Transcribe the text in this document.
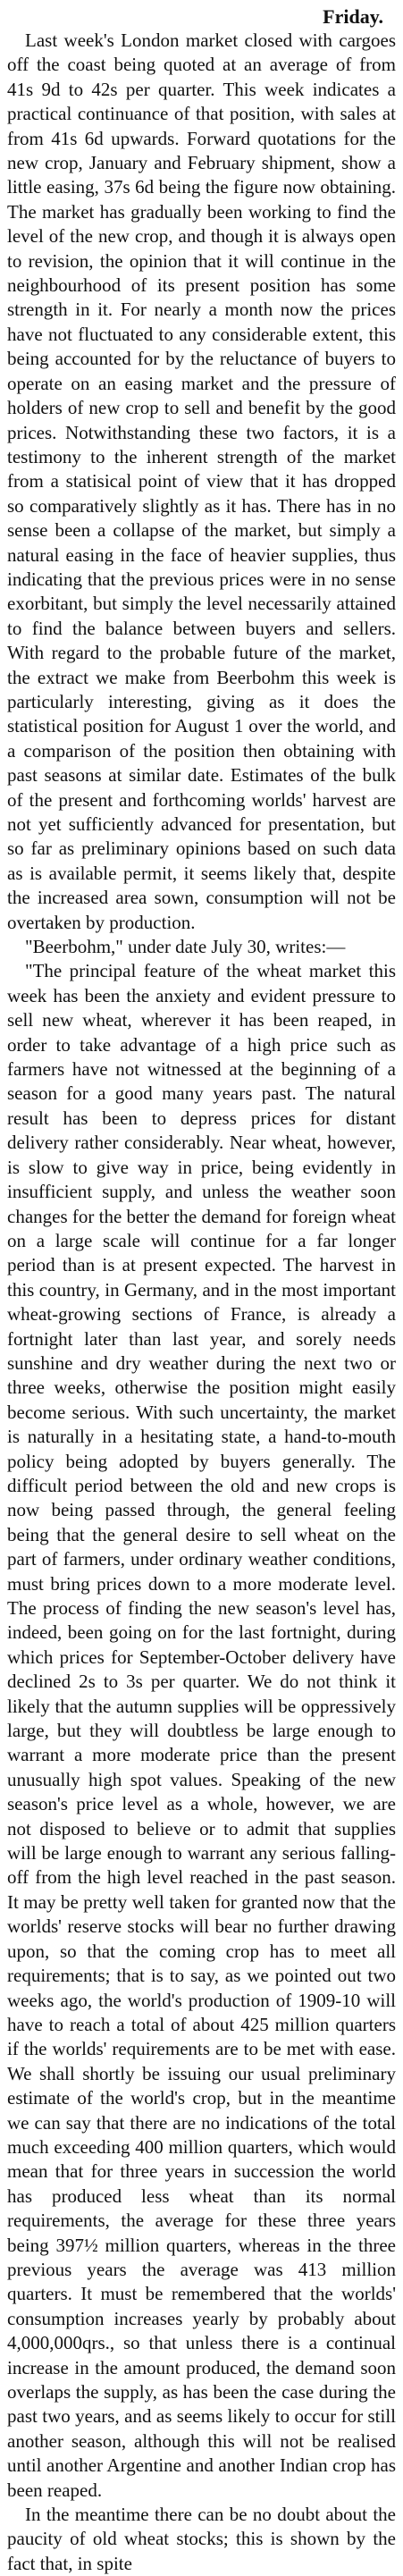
Friday.

Last week's London market closed with cargoes off the coast being quoted at an average of from 41s 9d to 42s per quarter. This week indicates a practical continuance of that position, with sales at from 41s 6d upwards. Forward quotations for the new crop, January and February shipment, show a little easing, 37s 6d being the figure now obtaining. The market has gradually been working to find the level of the new crop, and though it is always open to revision, the opinion that it will continue in the neighbourhood of its present position has some strength in it. For nearly a month now the prices have not fluctuated to any considerable extent, this being accounted for by the reluctance of buyers to operate on an easing market and the pressure of holders of new crop to sell and benefit by the good prices. Notwithstanding these two factors, it is a testimony to the inherent strength of the market from a statisical point of view that it has dropped so comparatively slightly as it has. There has in no sense been a collapse of the market, but simply a natural easing in the face of heavier supplies, thus indicating that the previous prices were in no sense exorbitant, but simply the level necessarily attained to find the balance between buyers and sellers. With regard to the probable future of the market, the extract we make from Beerbohm this week is particularly interesting, giving as it does the statistical position for August 1 over the world, and a comparison of the position then obtaining with past seasons at similar date. Estimates of the bulk of the present and forthcoming worlds' harvest are not yet sufficiently advanced for presentation, but so far as preliminary opinions based on such data as is available permit, it seems likely that, despite the increased area sown, consumption will not be overtaken by production.

"Beerbohm," under date July 30, writes:—

"The principal feature of the wheat market this week has been the anxiety and evident pressure to sell new wheat, wherever it has been reaped, in order to take advantage of a high price such as farmers have not witnessed at the beginning of a season for a good many years past. The natural result has been to depress prices for distant delivery rather considerably. Near wheat, however, is slow to give way in price, being evidently in insufficient supply, and unless the weather soon changes for the better the demand for foreign wheat on a large scale will continue for a far longer period than is at present expected. The harvest in this country, in Germany, and in the most important wheat-growing sections of France, is already a fortnight later than last year, and sorely needs sunshine and dry weather during the next two or three weeks, otherwise the position might easily become serious. With such uncertainty, the market is naturally in a hesitating state, a hand-to-mouth policy being adopted by buyers generally. The difficult period between the old and new crops is now being passed through, the general feeling being that the general desire to sell wheat on the part of farmers, under ordinary weather conditions, must bring prices down to a more moderate level. The process of finding the new season's level has, indeed, been going on for the last fortnight, during which prices for September-October delivery have declined 2s to 3s per quarter. We do not think it likely that the autumn supplies will be oppressively large, but they will doubtless be large enough to warrant a more moderate price than the present unusually high spot values. Speaking of the new season's price level as a whole, however, we are not disposed to believe or to admit that supplies will be large enough to warrant any serious falling-off from the high level reached in the past season. It may be pretty well taken for granted now that the worlds' reserve stocks will bear no further drawing upon, so that the coming crop has to meet all requirements; that is to say, as we pointed out two weeks ago, the world's production of 1909-10 will have to reach a total of about 425 million quarters if the worlds' requirements are to be met with ease. We shall shortly be issuing our usual preliminary estimate of the world's crop, but in the meantime we can say that there are no indications of the total much exceeding 400 million quarters, which would mean that for three years in succession the world has produced less wheat than its normal requirements, the average for these three years being 397½ million quarters, whereas in the three previous years the average was 413 million quarters. It must be remembered that the worlds' consumption increases yearly by probably about 4,000,000qrs., so that unless there is a continual increase in the amount produced, the demand soon overlaps the supply, as has been the case during the past two years, and as seems likely to occur for still another season, although this will not be realised until another Argentine and another Indian crop has been reaped.

In the meantime there can be no doubt about the paucity of old wheat stocks; this is shown by the fact that, in spite
